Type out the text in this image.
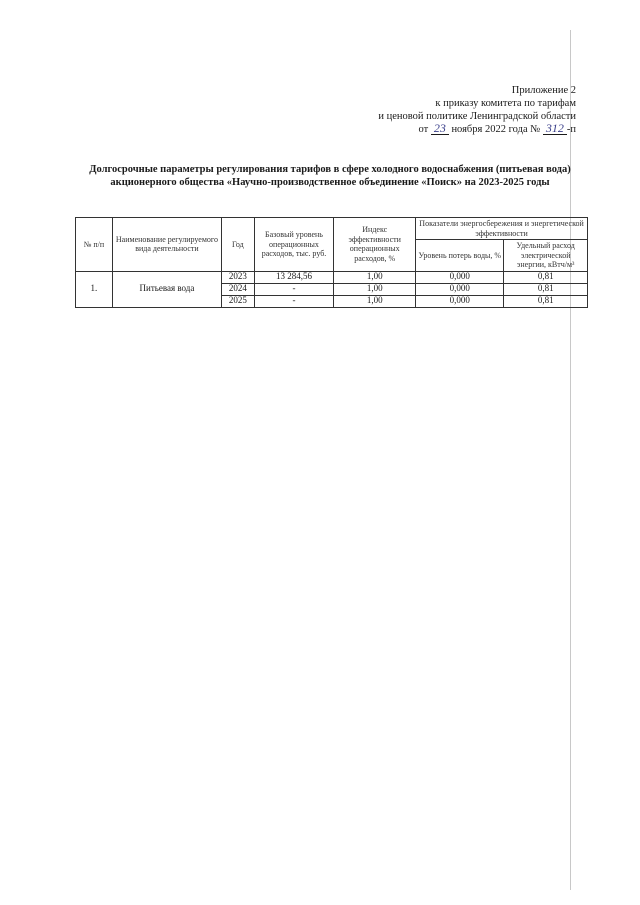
Приложение 2
к приказу комитета по тарифам
и ценовой политике Ленинградской области
от 23 ноября 2022 года № 312 -п
Долгосрочные параметры регулирования тарифов в сфере холодного водоснабжения (питьевая вода) акционерного общества «Научно-производственное объединение «Поиск» на 2023-2025 годы
№ п/п	Наименование регулируемого вида деятельности	Год	Базовый уровень операционных расходов, тыс. руб.	Индекс эффективности операционных расходов, %	Показатели энергосбережения и энергетической эффективности	
					Уровень потерь воды, %	Удельный расход электрической энергии, кВтч/м³
1.	Питьевая вода	2023	13 284,56	1,00	0,000	0,81
		2024	-	1,00	0,000	0,81
		2025	-	1,00	0,000	0,81
